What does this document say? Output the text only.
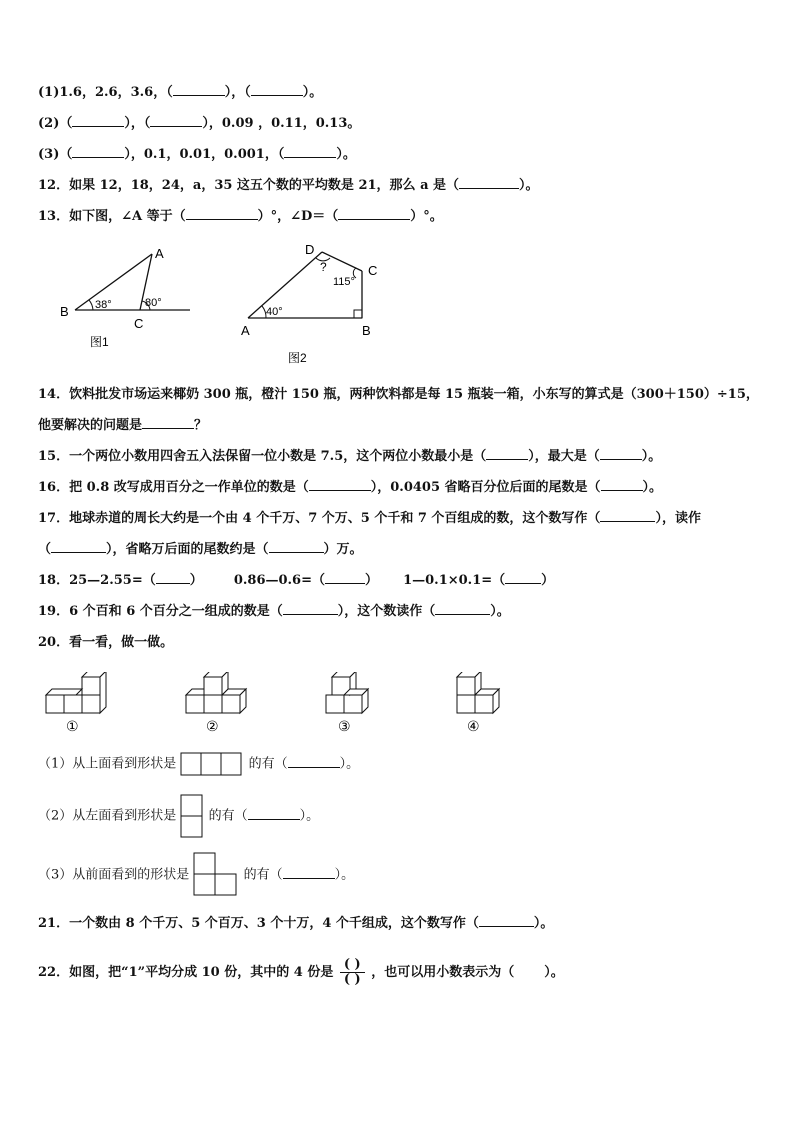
(1)1.6，2.6，3.6，（	），（	）。
(2)（	），（	），0.09 ，0.11，0.13。
(3)（	），0.1，0.01，0.001，（	）。
12．如果 12，18，24，a，35 这五个数的平均数是 21，那么 a 是（	）。
13．如下图，∠A 等于（	）°，∠D＝（	）°。
B
A
C
38°	80°
图1
A	B
C
D
?
115°
40°
图2
14．饮料批发市场运来椰奶 300 瓶，橙汁 150 瓶，两种饮料都是每 15 瓶装一箱，小东写的算式是（300＋150）÷15，
他要解决的问题是	？
15．一个两位小数用四舍五入法保留一位小数是 7.5，这个两位小数最小是（	），最大是（	）。
16．把 0.8 改写成用百分之一作单位的数是（	），0.0405 省略百分位后面的尾数是（	）。
17．地球赤道的周长大约是一个由 4 个千万、7 个万、5 个千和 7 个百组成的数，这个数写作（	），读作
（	），省略万后面的尾数约是（	）万。
18．25—2.55=（	） 0.86—0.6=（	） 1—0.1×0.1=（	）
19．6 个百和 6 个百分之一组成的数是（	），这个数读作（	）。
20．看一看，做一做。
①	②	③	④
（1）从上面看到形状是	的有（	）。
（2）从左面看到形状是 的有（	）。
（3）从前面看到的形状是	的有（	）。
21．一个数由 8 个千万、5 个百万、3 个十万，4 个千组成，这个数写作（	）。
22．如图，把“1”平均分成 10 份，其中的 4 份是 $\frac{( )}{( )}$ ，也可以用小数表示为（ ）。
